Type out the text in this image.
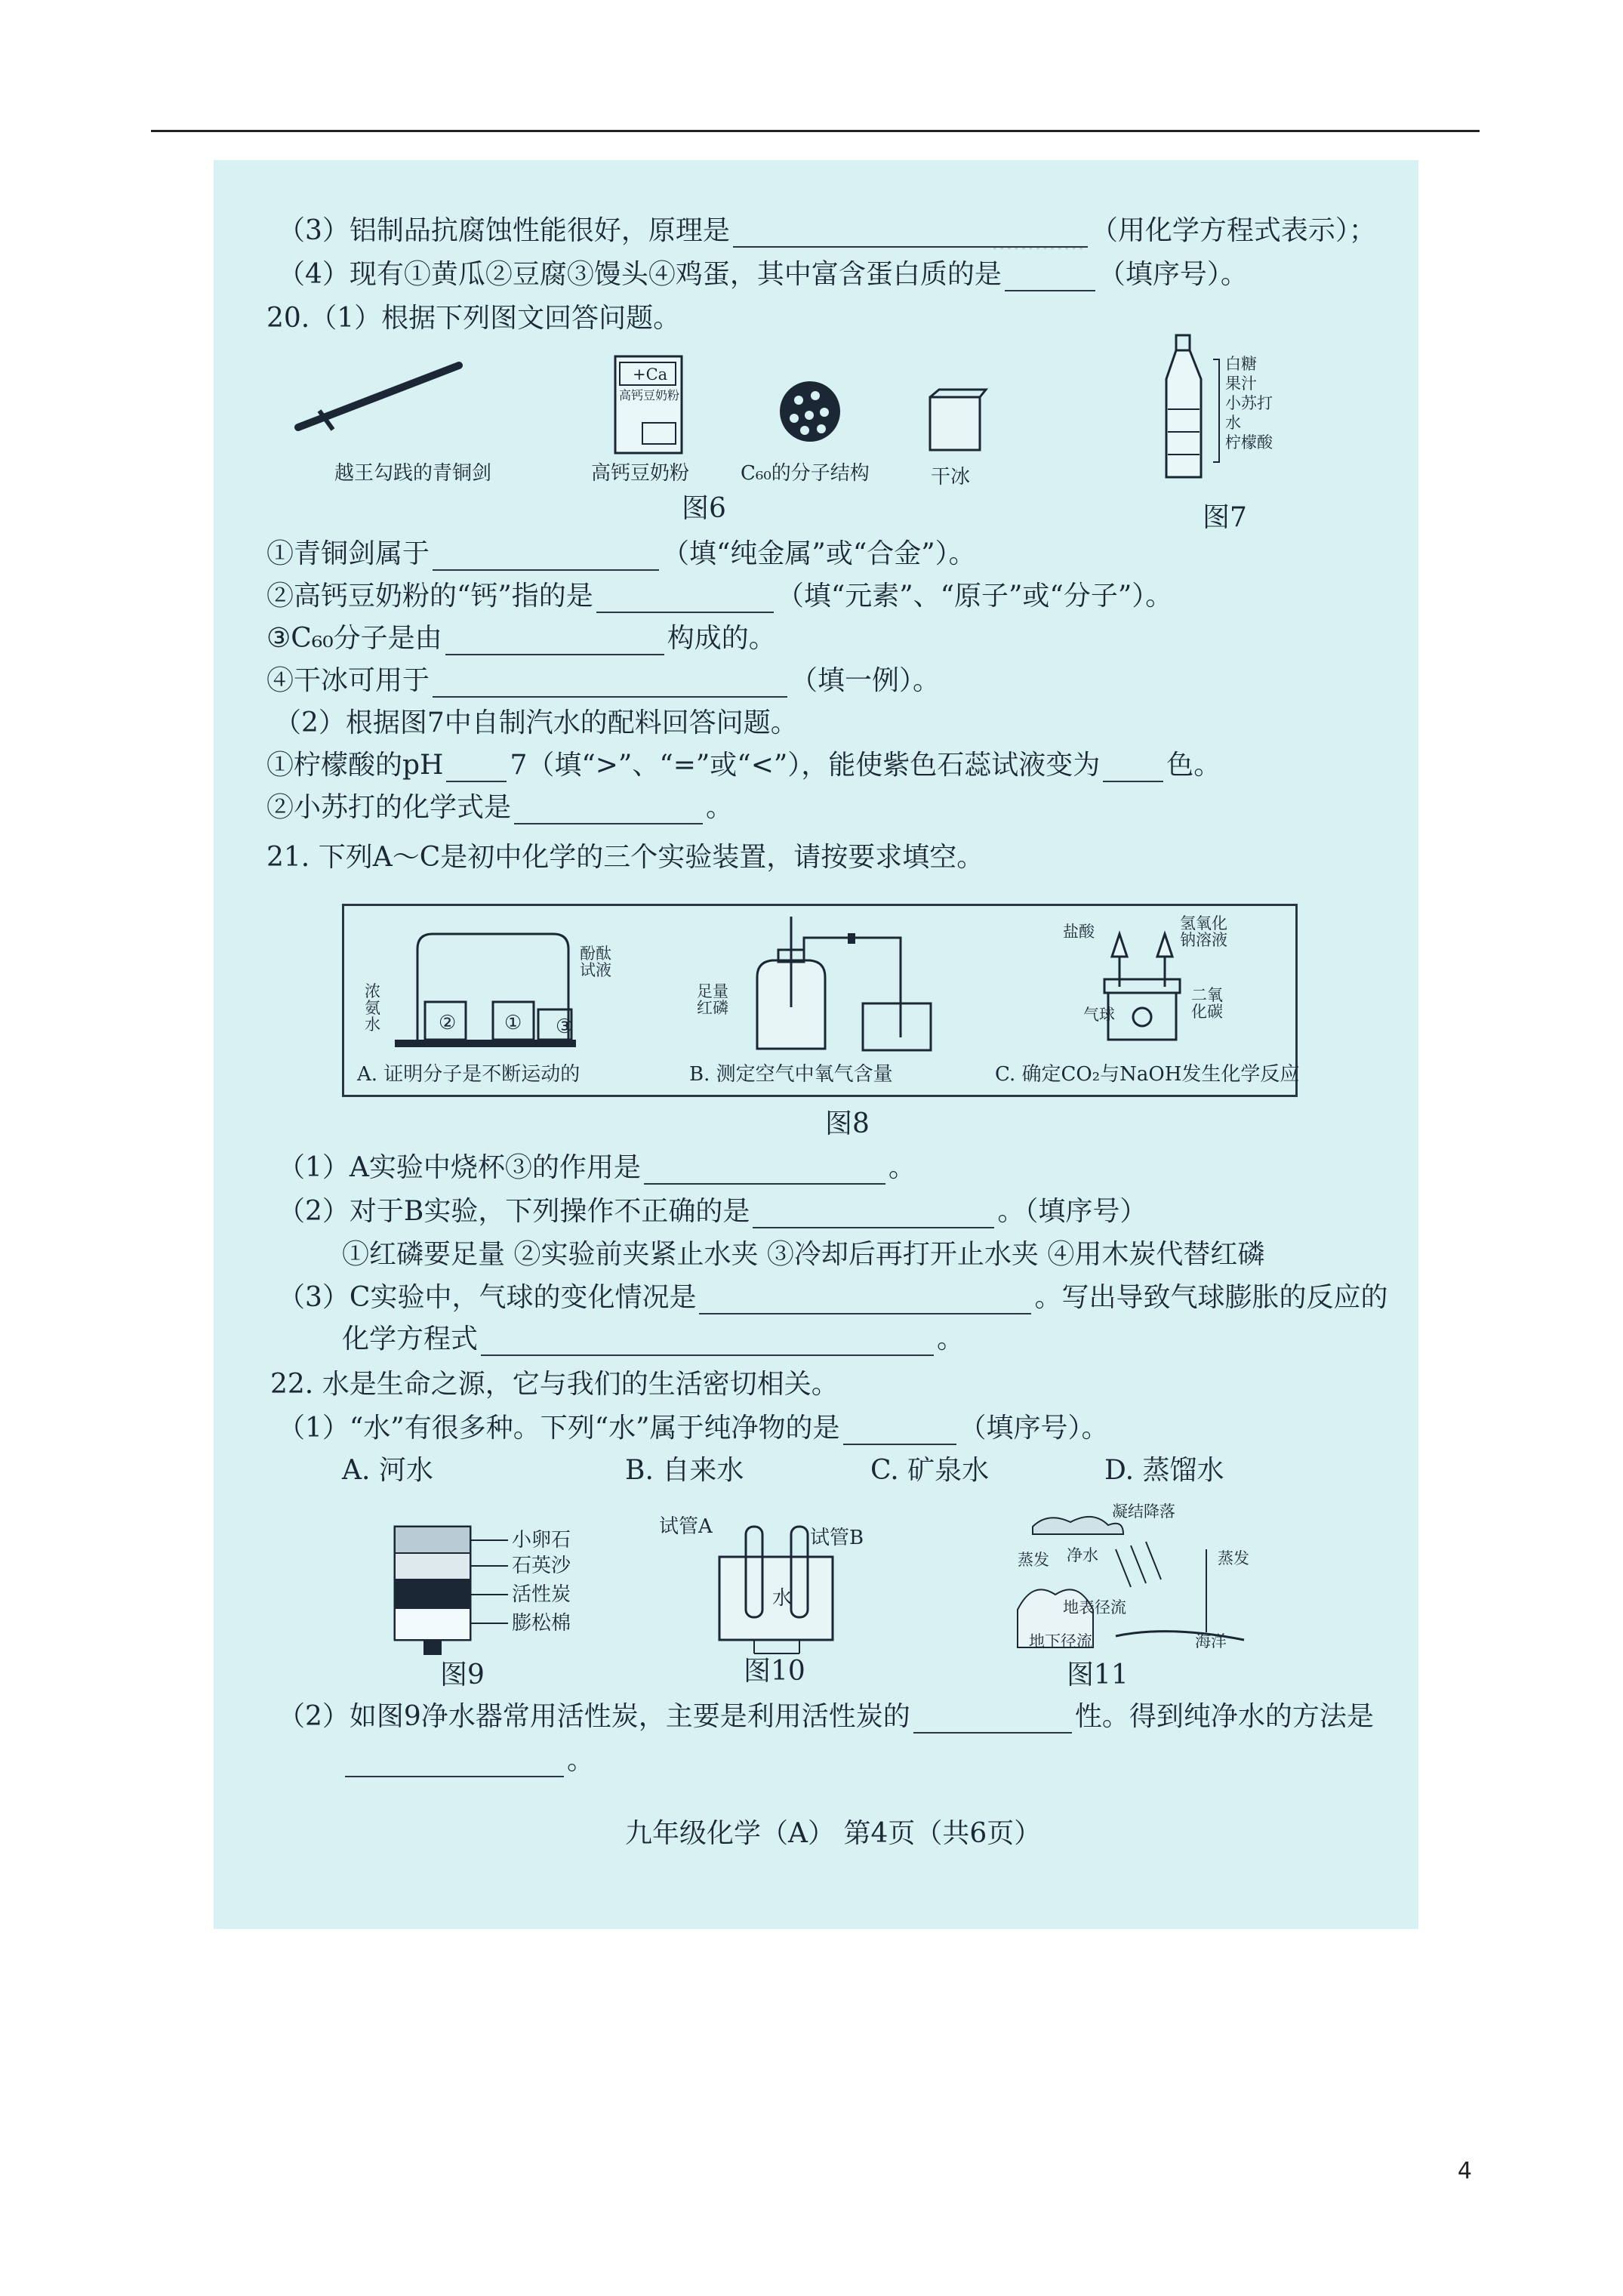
·············
（3）铝制品抗腐蚀性能很好，原理是	（用化学方程式表示）；
（4）现有①黄瓜②豆腐③馒头④鸡蛋，其中富含蛋白质的是	（填序号）。
20.（1）根据下列图文回答问题。
+Ca
高钙豆奶粉
越王勾践的青铜剑	高钙豆奶粉	C₆₀的分子结构	干冰
图6
白糖
果汁
小苏打
水
柠檬酸
图7
①青铜剑属于	（填“纯金属”或“合金”）。
②高钙豆奶粉的“钙”指的是	（填“元素”、“原子”或“分子”）。
③C₆₀分子是由	构成的。
④干冰可用于	（填一例）。
（2）根据图7中自制汽水的配料回答问题。
①柠檬酸的pH 7（填“>”、“=”或“<”），能使紫色石蕊试液变为 色。
②小苏打的化学式是	。
21. 下列A～C是初中化学的三个实验装置，请按要求填空。
浓氨水
酚酞试液
①
②	③
足量红磷
盐酸	氢氧化钠溶液
气球
二氧化碳
A. 证明分子是不断运动的	B. 测定空气中氧气含量	C. 确定CO₂与NaOH发生化学反应
图8
（1）A实验中烧杯③的作用是	。
（2）对于B实验，下列操作不正确的是	。（填序号）
①红磷要足量 ②实验前夹紧止水夹 ③冷却后再打开止水夹 ④用木炭代替红磷
（3）C实验中，气球的变化情况是	。写出导致气球膨胀的反应的
化学方程式	。
22. 水是生命之源，它与我们的生活密切相关。
（1）“水”有很多种。下列“水”属于纯净物的是	（填序号）。
A. 河水	B. 自来水	C. 矿泉水	D. 蒸馏水
小卵石
石英沙
活性炭
膨松棉
图9
试管A	试管B
水
图10
凝结降落
蒸发 净水	蒸发
地表径流
地下径流	海洋
图11
（2）如图9净水器常用活性炭，主要是利用活性炭的	性。得到纯净水的方法是
。
九年级化学（A） 第4页（共6页）
4
